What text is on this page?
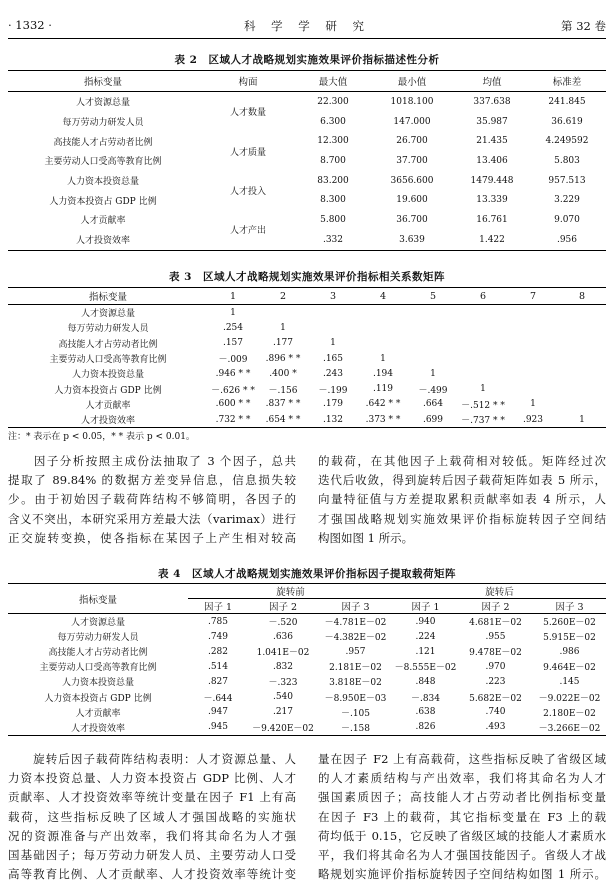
· 1332 ·	科 学 学 研 究	第 32 卷
表 2　区域人才战略规划实施效果评价指标描述性分析
指标变量	构面	最大值	最小值	均值	标准差
人才资源总量	人才数量	22.300	1018.100	337.638	241.845
每万劳动力研发人员		6.300	147.000	35.987	36.619
高技能人才占劳动者比例	人才质量	12.300	26.700	21.435	4.249592
主要劳动人口受高等教育比例		8.700	37.700	13.406	5.803
人力资本投资总量	人才投入	83.200	3656.600	1479.448	957.513
人力资本投资占 GDP 比例		8.300	19.600	13.339	3.229
人才贡献率	人才产出	5.800	36.700	16.761	9.070
人才投资效率		.332	3.639	1.422	.956
表 3　区域人才战略规划实施效果评价指标相关系数矩阵
指标变量	1	2	3	4	5	6	7	8
人才资源总量	1							
每万劳动力研发人员	.254	1						
高技能人才占劳动者比例	.157	.177	1					
主要劳动人口受高等教育比例	－.009	.896 * *	.165	1				
人力资本投资总量	.946 * *	.400 *	.243	.194	1			
人力资本投资占 GDP 比例	－.626 * *	－.156	－.199	.119	－.499	1		
人才贡献率	.600 * *	.837 * *	.179	.642 * *	.664	－.512 * *	1	
人才投资效率	.732 * *	.654 * *	.132	.373 * *	.699	－.737 * *	.923	1
注：* 表示在 p < 0.05，* * 表示 p < 0.01。
　　因子分析按照主成份法抽取了 3 个因子，总共
提取了 89.84% 的数据方差变异信息，信息损失较
少。由于初始因子载荷阵结构不够简明，各因子的
含义不突出，本研究采用方差最大法（varimax）进行
正交旋转变换，使各指标在某因子上产生相对较高
的载荷，在其他因子上载荷相对较低。矩阵经过次
迭代后收敛，得到旋转后因子载荷矩阵如表 5 所示，
向量特征值与方差提取累积贡献率如表 4 所示，人
才强国战略规划实施效果评价指标旋转因子空间结
构图如图 1 所示。
表 4　区域人才战略规划实施效果评价指标因子提取载荷矩阵
指标变量	旋转前			旋转后		
	因子 1	因子 2	因子 3	因子 1	因子 2	因子 3
人才资源总量	.785	－.520	－4.781E－02	.940	4.681E－02	5.260E－02
每万劳动力研发人员	.749	.636	－4.382E－02	.224	.955	5.915E－02
高技能人才占劳动者比例	.282	1.041E－02	.957	.121	9.478E－02	.986
主要劳动人口受高等教育比例	.514	.832	2.181E－02	－8.555E－02	.970	9.464E－02
人力资本投资总量	.827	－.323	3.818E－02	.848	.223	.145
人力资本投资占 GDP 比例	－.644	.540	－8.950E－03	－.834	5.682E－02	－9.022E－02
人才贡献率	.947	.217	－.105	.638	.740	2.180E－02
人才投资效率	.945	－9.420E－02	－.158	.826	.493	－3.266E－02
　　旋转后因子载荷阵结构表明：人才资源总量、人
力资本投资总量、人力资本投资占 GDP 比例、人才
贡献率、人才投资效率等统计变量在因子 F1 上有高
载荷，这些指标反映了区域人才强国战略的实施状
况的资源准备与产出效率，我们将其命名为人才强
国基础因子；每万劳动力研发人员、主要劳动人口受
高等教育比例、人才贡献率、人才投资效率等统计变
量在因子 F2 上有高载荷，这些指标反映了省级区域
的人才素质结构与产出效率，我们将其命名为人才
强国素质因子；高技能人才占劳动者比例指标变量
在因子 F3 上的载荷，其它指标变量在 F3 上的载
荷均低于 0.15，它反映了省级区域的技能人才素质水
平，我们将其命名为人才强国技能因子。省级人才战
略规划实施评价指标旋转因子空间结构如图 1 所示。
